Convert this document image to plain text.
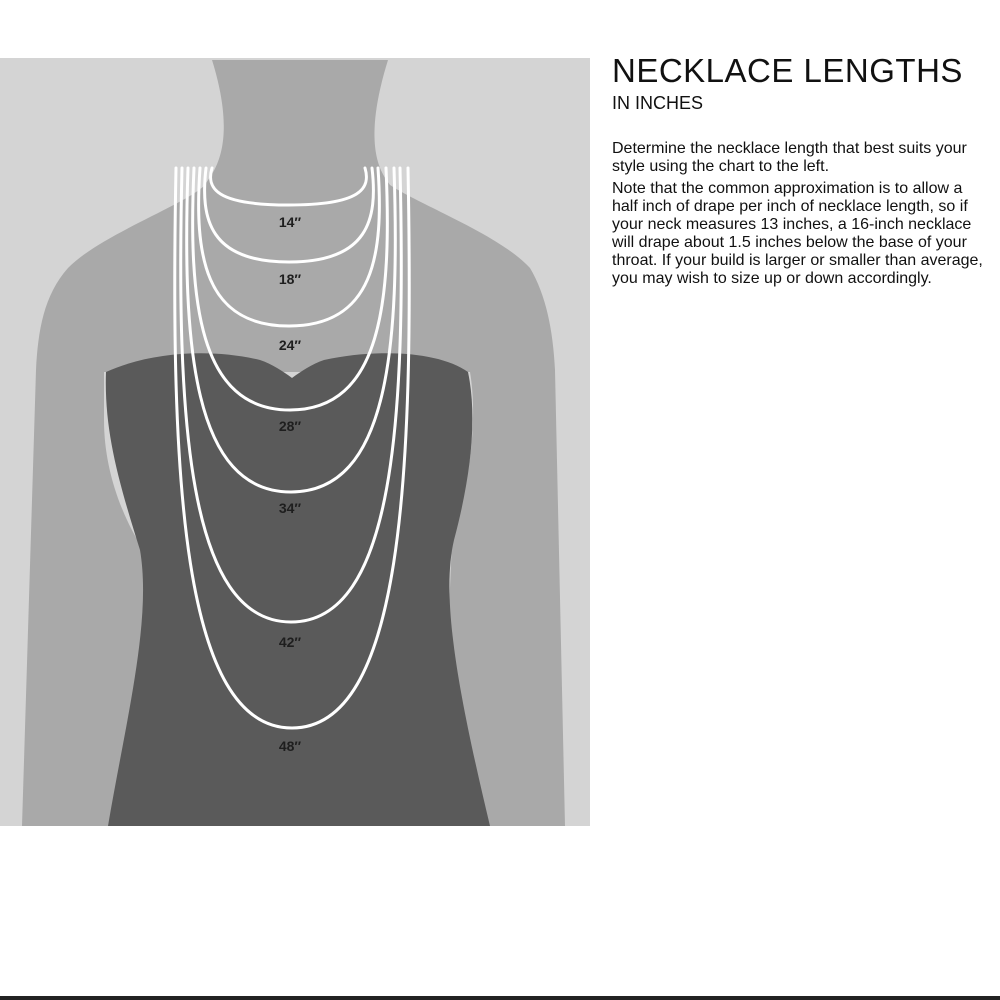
14″
18″
24″
28″
34″
42″
48″
NECKLACE LENGTHS
IN INCHES

Determine the necklace length that best suits your style using the chart to the left.

Note that the common approximation is to allow a half inch of drape per inch of necklace length, so if your neck measures 13 inches, a 16-inch necklace will drape about 1.5 inches below the base of your throat. If your build is larger or smaller than average, you may wish to size up or down accordingly.
